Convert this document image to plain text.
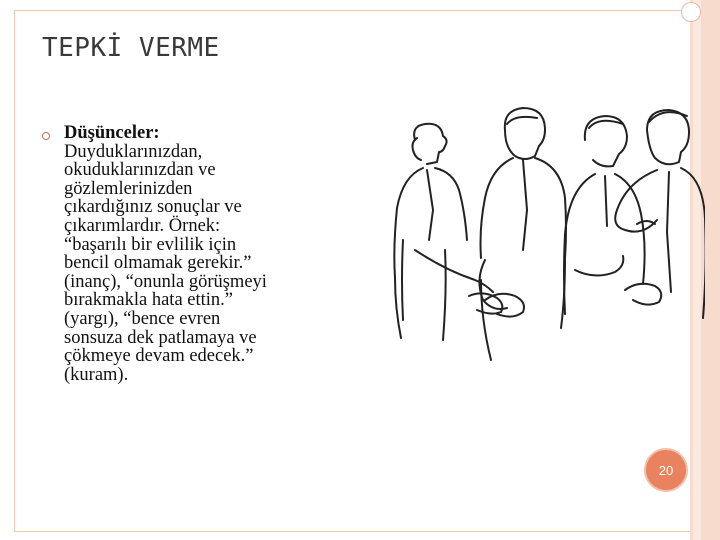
TEPKİ VERME
Düşünceler:
Duyduklarınızdan,
okuduklarınızdan ve
gözlemlerinizden
çıkardığınız sonuçlar ve
çıkarımlardır. Örnek:
“başarılı bir evlilik için
bencil olmamak gerekir.”
(inanç), “onunla görüşmeyi
bırakmakla hata ettin.”
(yargı), “bence evren
sonsuza dek patlamaya ve
çökmeye devam edecek.”
(kuram).
20
